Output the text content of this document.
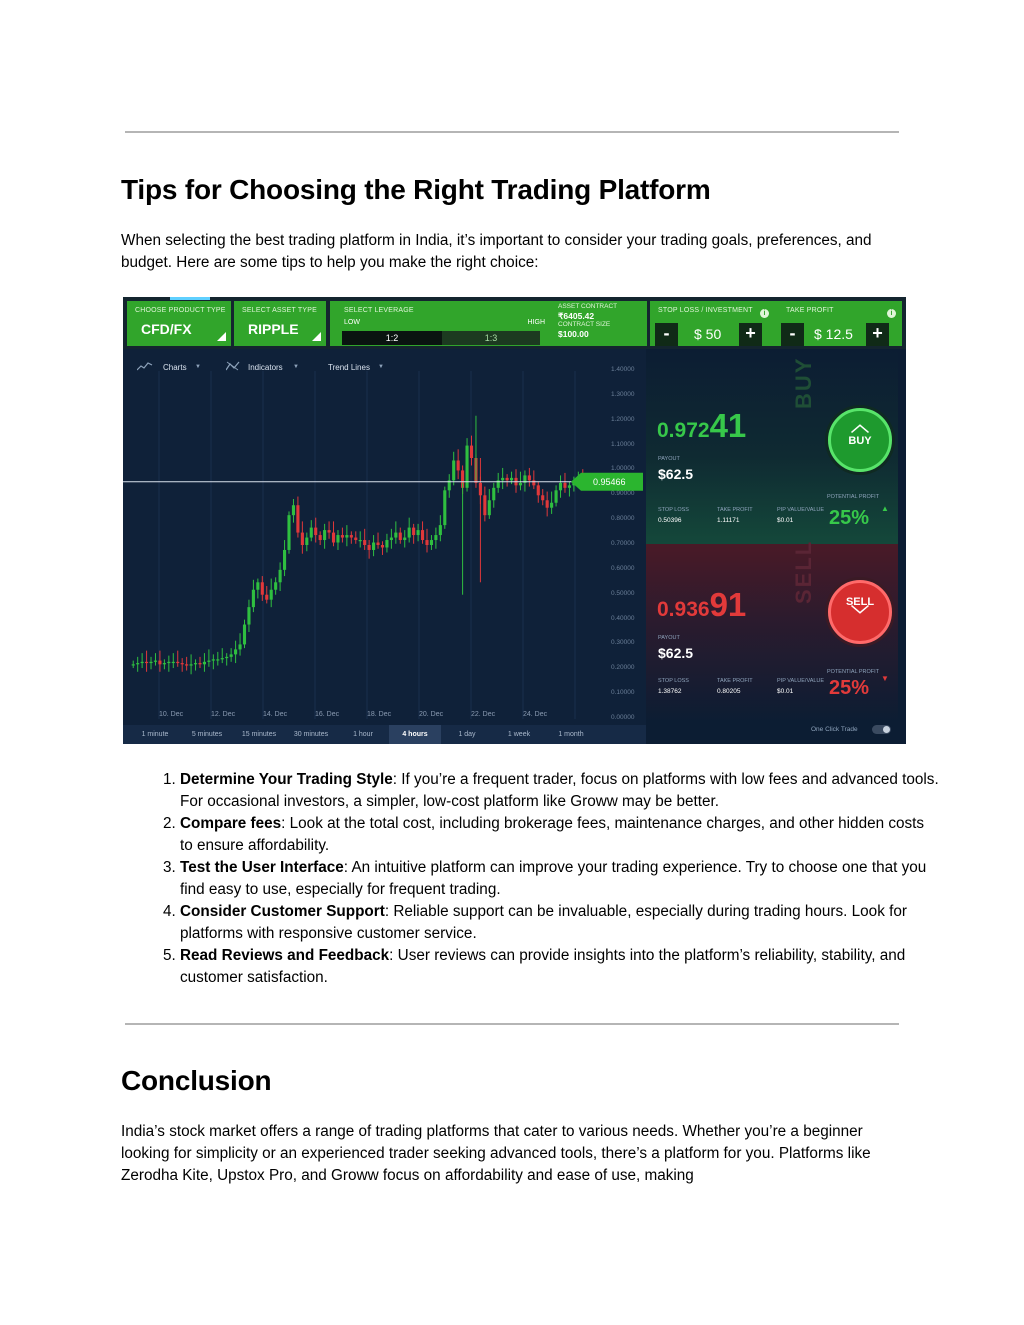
Tips for Choosing the Right Trading Platform

When selecting the best trading platform in India, it’s important to consider your trading goals, preferences, and budget. Here are some tips to help you make the right choice:

CHOOSE PRODUCT TYPE
CFD/FX
SELECT ASSET TYPE
RIPPLE
SELECT LEVERAGE
LOW	HIGH
1:2	1:3
ASSET CONTRACT
₹6405.42
CONTRACT SIZE
$100.00
STOP LOSS / INVESTMENT	i	TAKE PROFIT	i
-	$ 50	+	-	$ 12.5	+
Charts ▼	Indicators ▼	Trend Lines ▼	1.40000
1.30000
1.20000
1.10000
1.00000
0.90000
0.80000
0.70000
0.60000
0.50000
0.40000
0.30000
0.20000
0.10000
0.00000
10. Dec	12. Dec	14. Dec	16. Dec	18. Dec	20. Dec	22. Dec	24. Dec
0.95466
1 minute	5 minutes	15 minutes	30 minutes	1 hour	4 hours	1 day	1 week	1 month
BUY
0.97241
PAYOUT
$62.5
︿
BUY
POTENTIAL PROFIT
STOP LOSS	TAKE PROFIT	PIP VALUE/VALUE
0.50396	1.11171	$0.01 25% ▲
SELL
0.93691
PAYOUT
$62.5
SELL
﹀
POTENTIAL PROFIT
STOP LOSS	TAKE PROFIT	PIP VALUE/VALUE
1.38762	0.80205	$0.01 25% ▼
One Click Trade
1. Determine Your Trading Style: If you’re a frequent trader, focus on platforms with low fees and advanced tools. For occasional investors, a simpler, low-cost platform like Groww may be better.
2. Compare fees: Look at the total cost, including brokerage fees, maintenance charges, and other hidden costs to ensure affordability.
3. Test the User Interface: An intuitive platform can improve your trading experience. Try to choose one that you find easy to use, especially for frequent trading.
4. Consider Customer Support: Reliable support can be invaluable, especially during trading hours. Look for platforms with responsive customer service.
5. Read Reviews and Feedback: User reviews can provide insights into the platform’s reliability, stability, and customer satisfaction.
Conclusion

India’s stock market offers a range of trading platforms that cater to various needs. Whether you’re a beginner looking for simplicity or an experienced trader seeking advanced tools, there’s a platform for you. Platforms like Zerodha Kite, Upstox Pro, and Groww focus on affordability and ease of use, making
